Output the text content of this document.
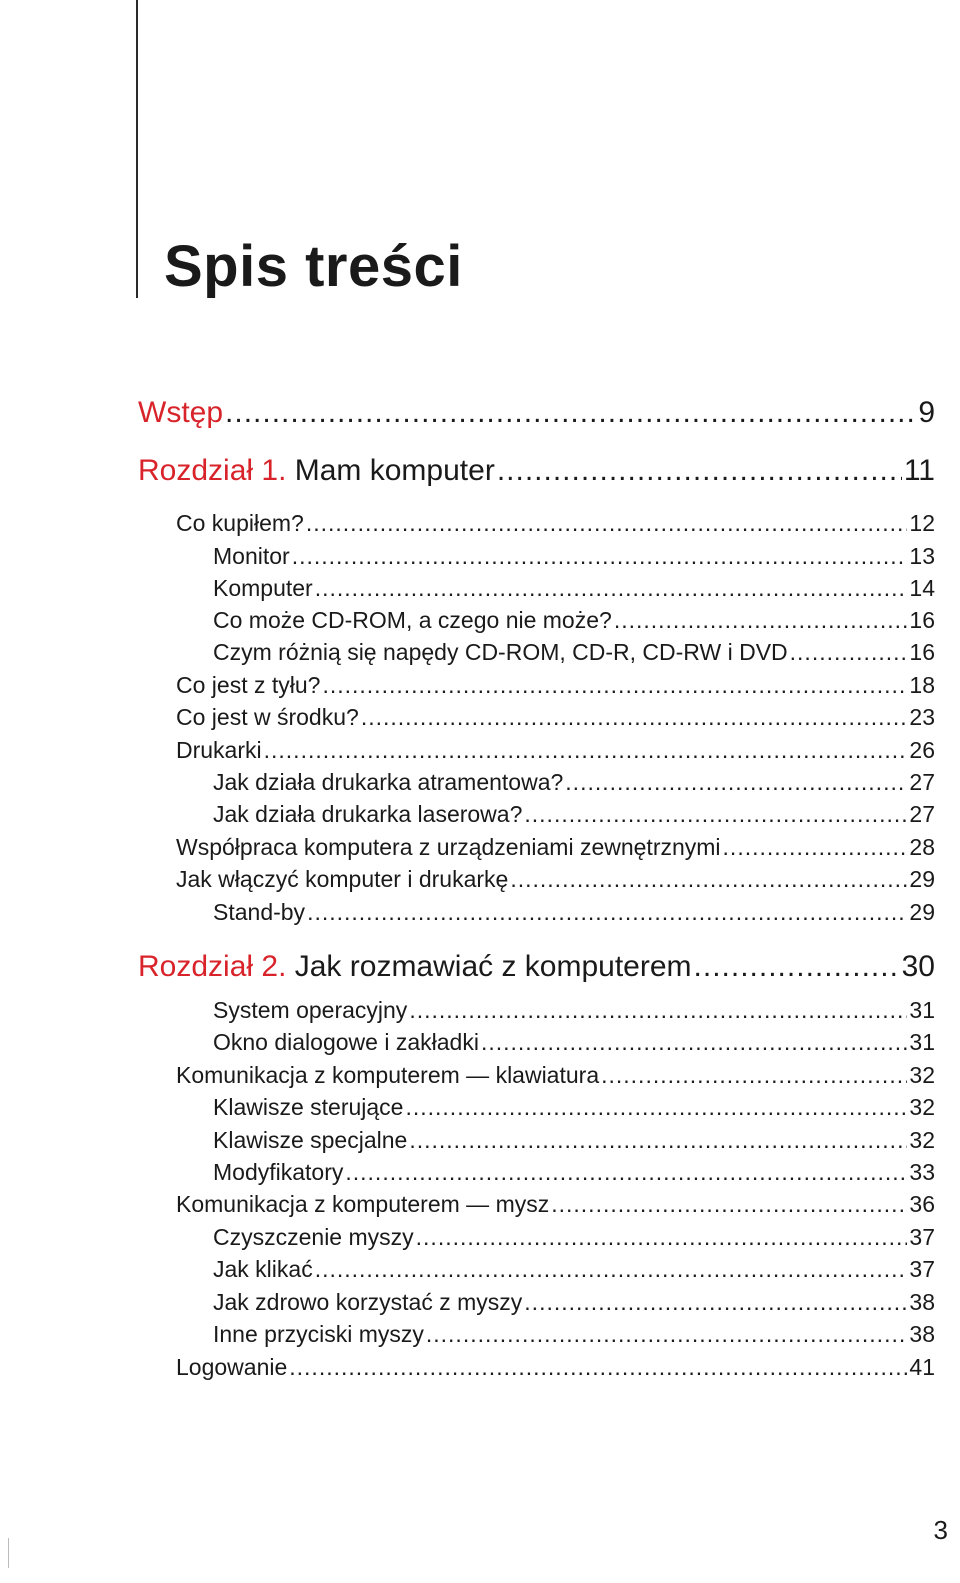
Spis treści
Wstęp .....	9
Rozdział 1. Mam komputer .....	11
Co kupiłem? .....	12
Monitor .....	13
Komputer .....	14
Co może CD-ROM, a czego nie może? .....	16
Czym różnią się napędy CD-ROM, CD-R, CD-RW i DVD .....	16
Co jest z tyłu? .....	18
Co jest w środku? .....	23
Drukarki .....	26
Jak działa drukarka atramentowa? .....	27
Jak działa drukarka laserowa? .....	27
Współpraca komputera z urządzeniami zewnętrznymi .....	28
Jak włączyć komputer i drukarkę .....	29
Stand-by .....	29
Rozdział 2. Jak rozmawiać z komputerem .....	30
System operacyjny .....	31
Okno dialogowe i zakładki .....	31
Komunikacja z komputerem — klawiatura .....	32
Klawisze sterujące .....	32
Klawisze specjalne .....	32
Modyfikatory .....	33
Komunikacja z komputerem — mysz .....	36
Czyszczenie myszy .....	37
Jak klikać .....	37
Jak zdrowo korzystać z myszy .....	38
Inne przyciski myszy .....	38
Logowanie .....	41
3
